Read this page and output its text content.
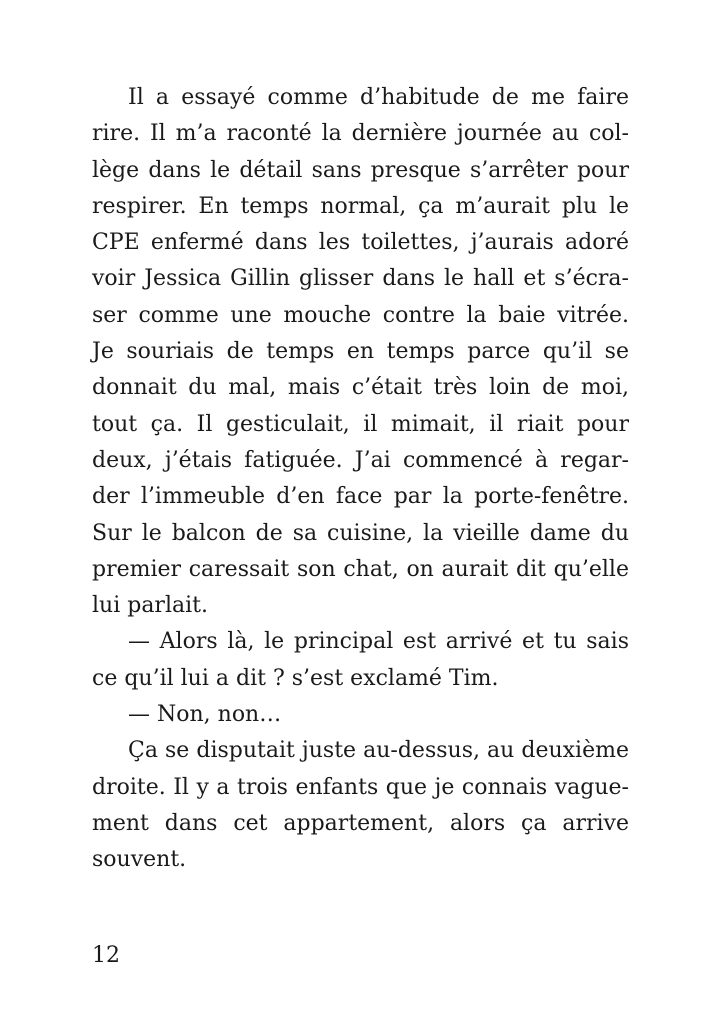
Il a essayé comme d’habitude de me faire
rire. Il m’a raconté la dernière journée au col-
lège dans le détail sans presque s’arrêter pour
respirer. En temps normal, ça m’aurait plu le
CPE enfermé dans les toilettes, j’aurais adoré
voir Jessica Gillin glisser dans le hall et s’écra-
ser comme une mouche contre la baie vitrée.
Je souriais de temps en temps parce qu’il se
donnait du mal, mais c’était très loin de moi,
tout ça. Il gesticulait, il mimait, il riait pour
deux, j’étais fatiguée. J’ai commencé à regar-
der l’immeuble d’en face par la porte-fenêtre.
Sur le balcon de sa cuisine, la vieille dame du
premier caressait son chat, on aurait dit qu’elle
lui parlait.
— Alors là, le principal est arrivé et tu sais
ce qu’il lui a dit ? s’est exclamé Tim.
— Non, non…
Ça se disputait juste au-dessus, au deuxième
droite. Il y a trois enfants que je connais vague-
ment dans cet appartement, alors ça arrive
souvent.
12
